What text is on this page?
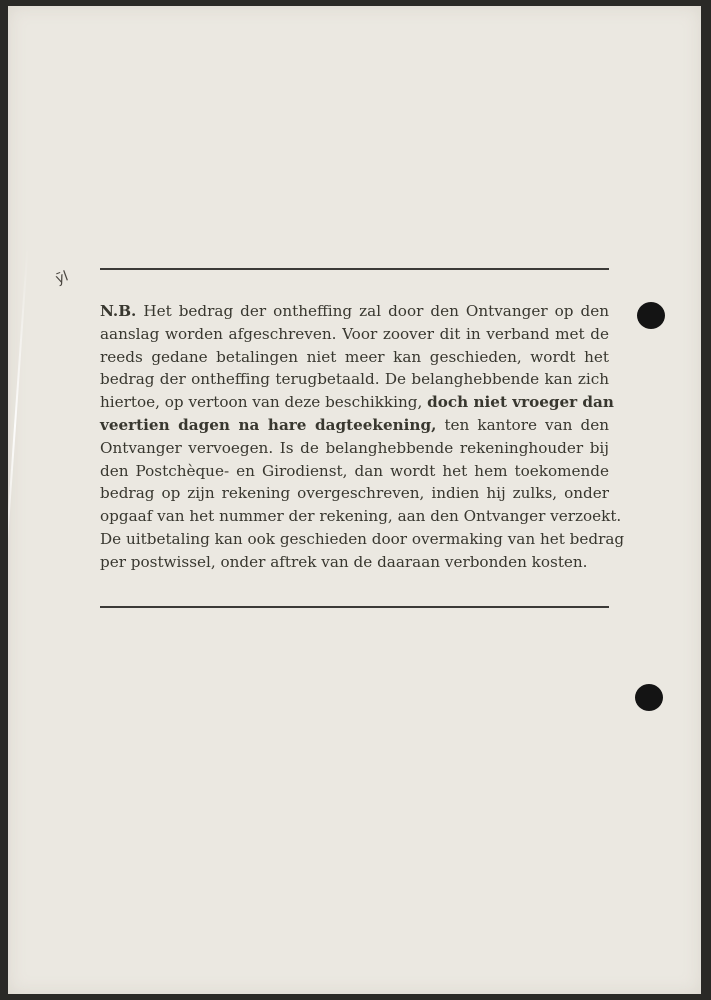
ȳl
N.B. Het bedrag der ontheffing zal door den Ontvanger op den
aanslag worden afgeschreven. Voor zoover dit in verband met de
reeds gedane betalingen niet meer kan geschieden, wordt het
bedrag der ontheffing terugbetaald. De belanghebbende kan zich
hiertoe, op vertoon van deze beschikking, doch niet vroeger dan
veertien dagen na hare dagteekening, ten kantore van den
Ontvanger vervoegen. Is de belanghebbende rekeninghouder bij
den Postchèque- en Girodienst, dan wordt het hem toekomende
bedrag op zijn rekening overgeschreven, indien hij zulks, onder
opgaaf van het nummer der rekening, aan den Ontvanger verzoekt.
De uitbetaling kan ook geschieden door overmaking van het bedrag
per postwissel, onder aftrek van de daaraan verbonden kosten.
